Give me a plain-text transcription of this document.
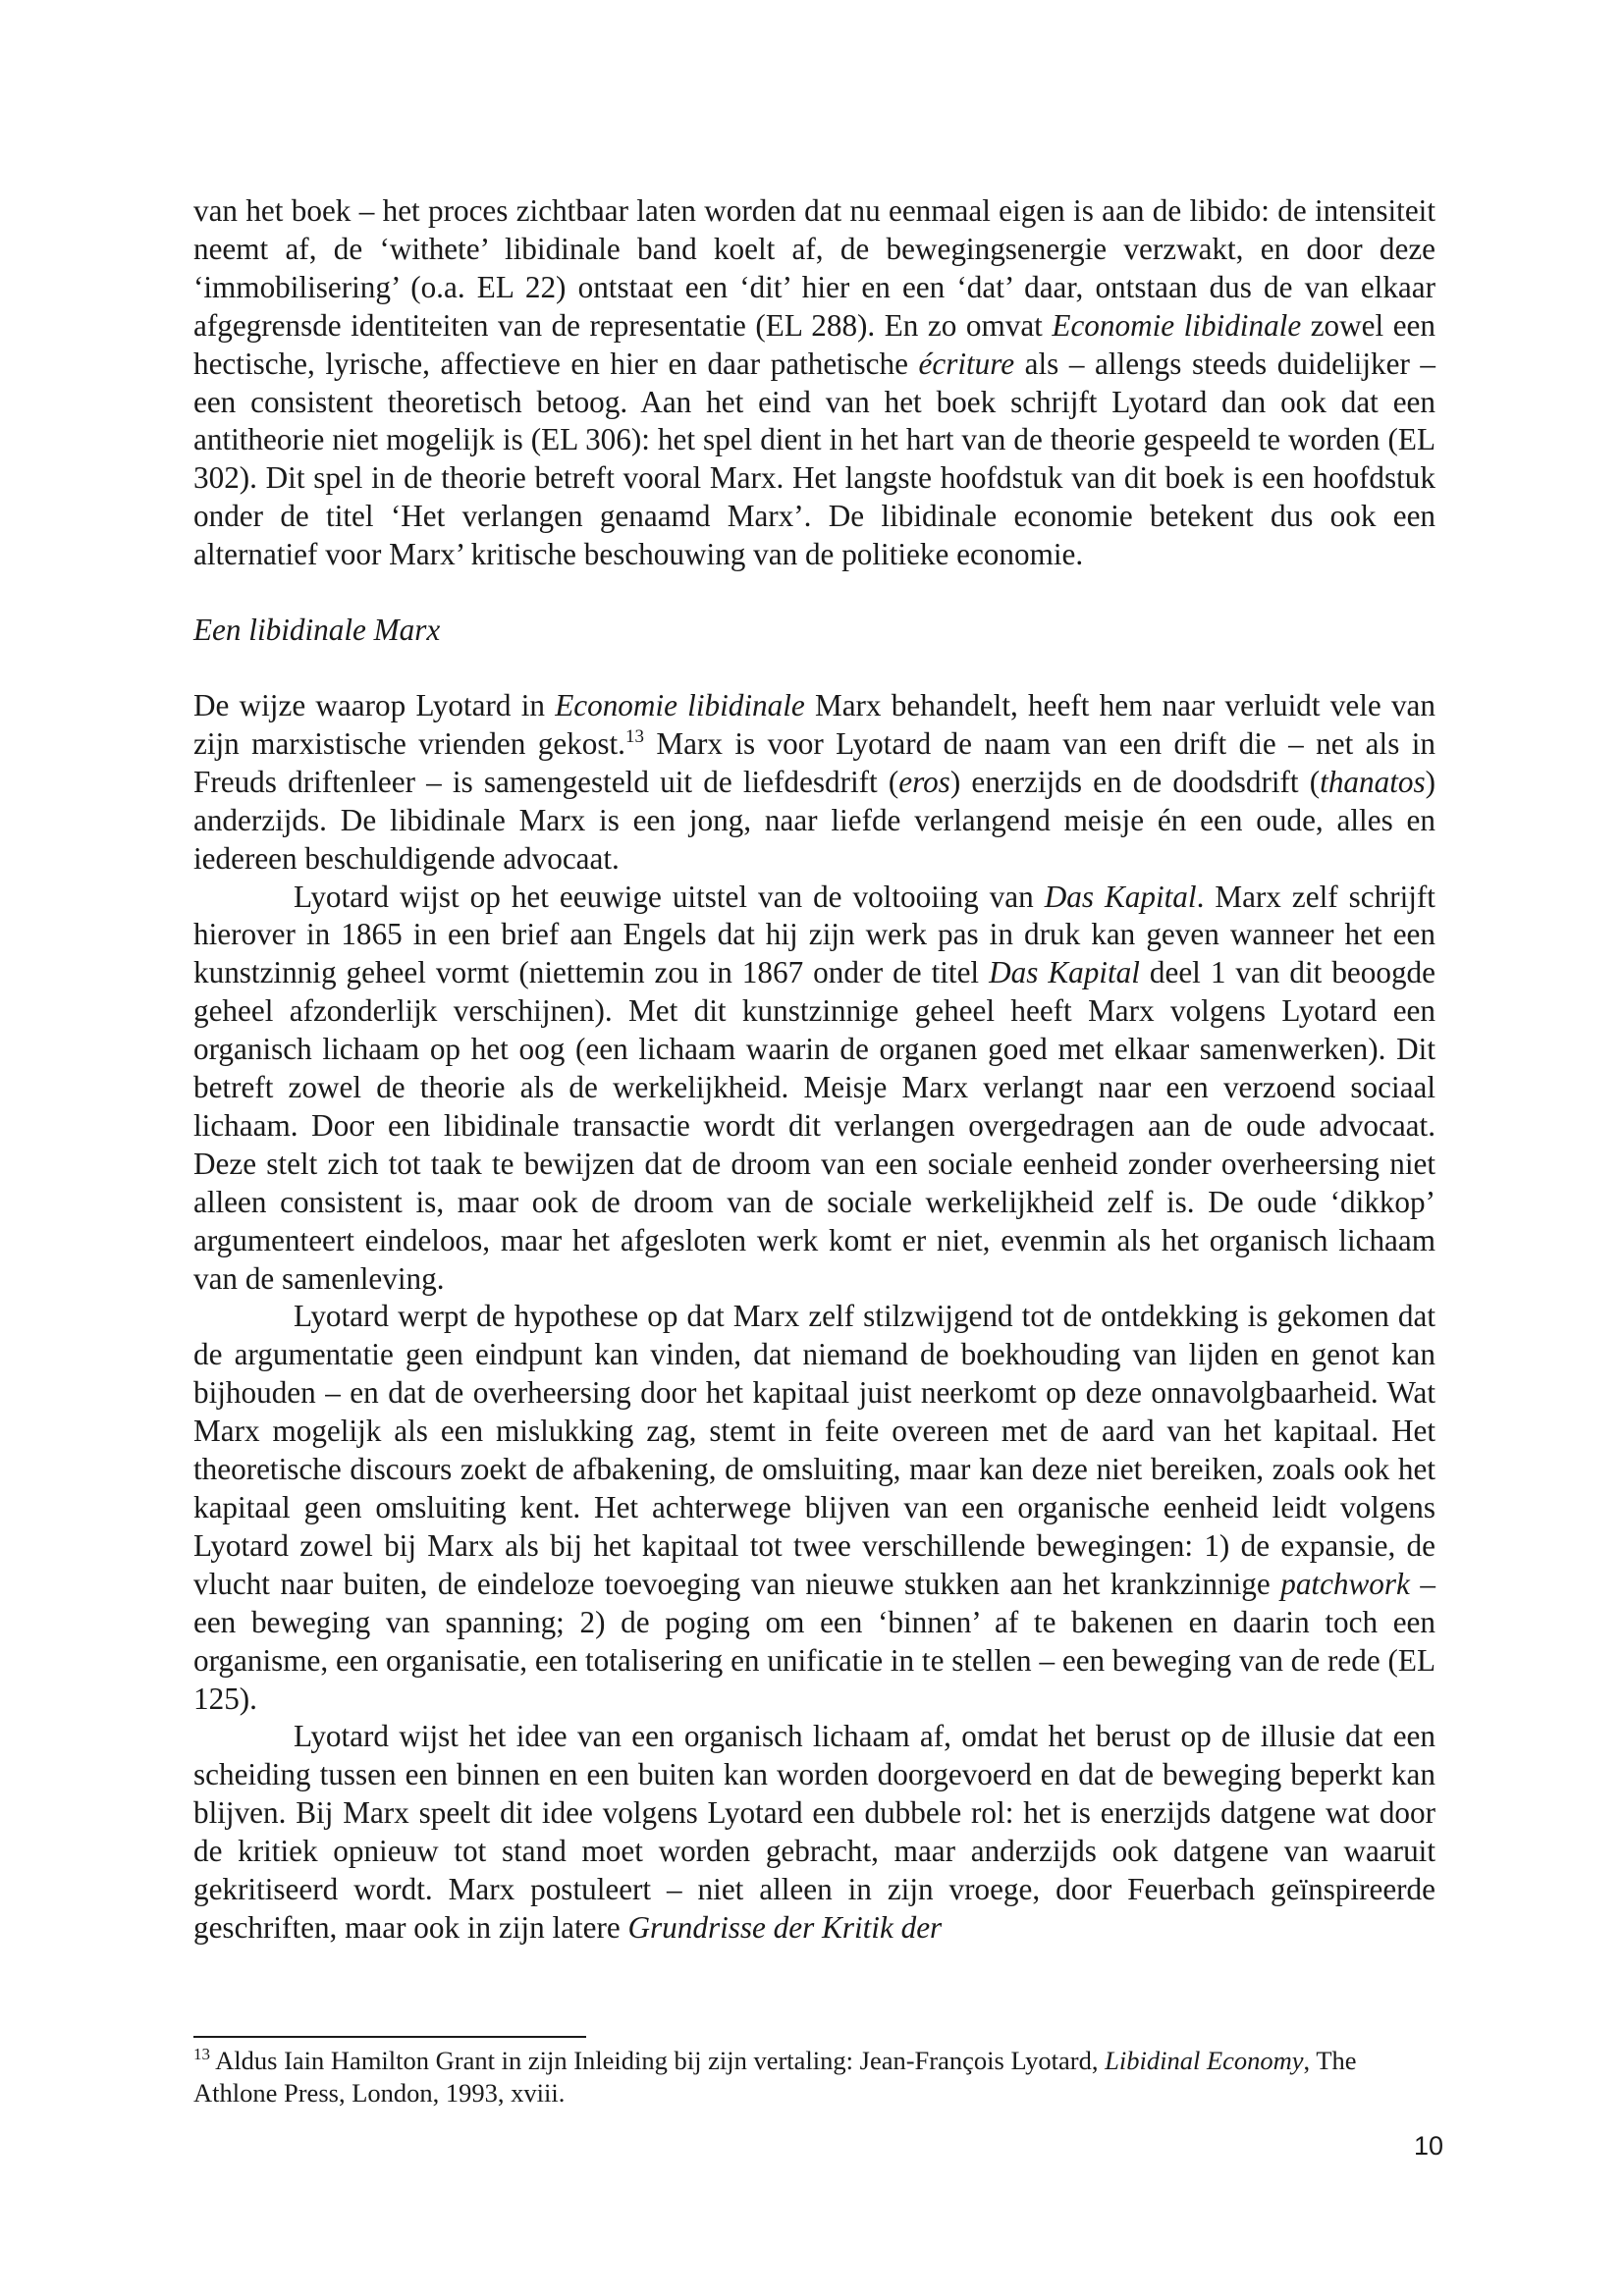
van het boek – het proces zichtbaar laten worden dat nu eenmaal eigen is aan de libido: de intensiteit neemt af, de ‘withete’ libidinale band koelt af, de bewegingsenergie verzwakt, en door deze ‘immobilisering’ (o.a. EL 22) ontstaat een ‘dit’ hier en een ‘dat’ daar, ontstaan dus de van elkaar afgegrensde identiteiten van de representatie (EL 288). En zo omvat Economie libidinale zowel een hectische, lyrische, affectieve en hier en daar pathetische écriture als – allengs steeds duidelijker – een consistent theoretisch betoog. Aan het eind van het boek schrijft Lyotard dan ook dat een antitheorie niet mogelijk is (EL 306): het spel dient in het hart van de theorie gespeeld te worden (EL 302). Dit spel in de theorie betreft vooral Marx. Het langste hoofdstuk van dit boek is een hoofdstuk onder de titel ‘Het verlangen genaamd Marx’. De libidinale economie betekent dus ook een alternatief voor Marx’ kritische beschouwing van de politieke economie.

Een libidinale Marx

De wijze waarop Lyotard in Economie libidinale Marx behandelt, heeft hem naar verluidt vele van zijn marxistische vrienden gekost.$^{13}$ Marx is voor Lyotard de naam van een drift die – net als in Freuds driftenleer – is samengesteld uit de liefdesdrift (eros) enerzijds en de doodsdrift (thanatos) anderzijds. De libidinale Marx is een jong, naar liefde verlangend meisje én een oude, alles en iedereen beschuldigende advocaat.

Lyotard wijst op het eeuwige uitstel van de voltooiing van Das Kapital. Marx zelf schrijft hierover in 1865 in een brief aan Engels dat hij zijn werk pas in druk kan geven wanneer het een kunstzinnig geheel vormt (niettemin zou in 1867 onder de titel Das Kapital deel 1 van dit beoogde geheel afzonderlijk verschijnen). Met dit kunstzinnige geheel heeft Marx volgens Lyotard een organisch lichaam op het oog (een lichaam waarin de organen goed met elkaar samenwerken). Dit betreft zowel de theorie als de werkelijkheid. Meisje Marx verlangt naar een verzoend sociaal lichaam. Door een libidinale transactie wordt dit verlangen overgedragen aan de oude advocaat. Deze stelt zich tot taak te bewijzen dat de droom van een sociale eenheid zonder overheersing niet alleen consistent is, maar ook de droom van de sociale werkelijkheid zelf is. De oude ‘dikkop’ argumenteert eindeloos, maar het afgesloten werk komt er niet, evenmin als het organisch lichaam van de samenleving.

Lyotard werpt de hypothese op dat Marx zelf stilzwijgend tot de ontdekking is gekomen dat de argumentatie geen eindpunt kan vinden, dat niemand de boekhouding van lijden en genot kan bijhouden – en dat de overheersing door het kapitaal juist neerkomt op deze onnavolgbaarheid. Wat Marx mogelijk als een mislukking zag, stemt in feite overeen met de aard van het kapitaal. Het theoretische discours zoekt de afbakening, de omsluiting, maar kan deze niet bereiken, zoals ook het kapitaal geen omsluiting kent. Het achterwege blijven van een organische eenheid leidt volgens Lyotard zowel bij Marx als bij het kapitaal tot twee verschillende bewegingen: 1) de expansie, de vlucht naar buiten, de eindeloze toevoeging van nieuwe stukken aan het krankzinnige patchwork – een beweging van spanning; 2) de poging om een ‘binnen’ af te bakenen en daarin toch een organisme, een organisatie, een totalisering en unificatie in te stellen – een beweging van de rede (EL 125).

Lyotard wijst het idee van een organisch lichaam af, omdat het berust op de illusie dat een scheiding tussen een binnen en een buiten kan worden doorgevoerd en dat de beweging beperkt kan blijven. Bij Marx speelt dit idee volgens Lyotard een dubbele rol: het is enerzijds datgene wat door de kritiek opnieuw tot stand moet worden gebracht, maar anderzijds ook datgene van waaruit gekritiseerd wordt. Marx postuleert – niet alleen in zijn vroege, door Feuerbach geïnspireerde geschriften, maar ook in zijn latere Grundrisse der Kritik der

$^{13}$ Aldus Iain Hamilton Grant in zijn Inleiding bij zijn vertaling: Jean-François Lyotard, Libidinal Economy, The Athlone Press, London, 1993, xviii.

10
